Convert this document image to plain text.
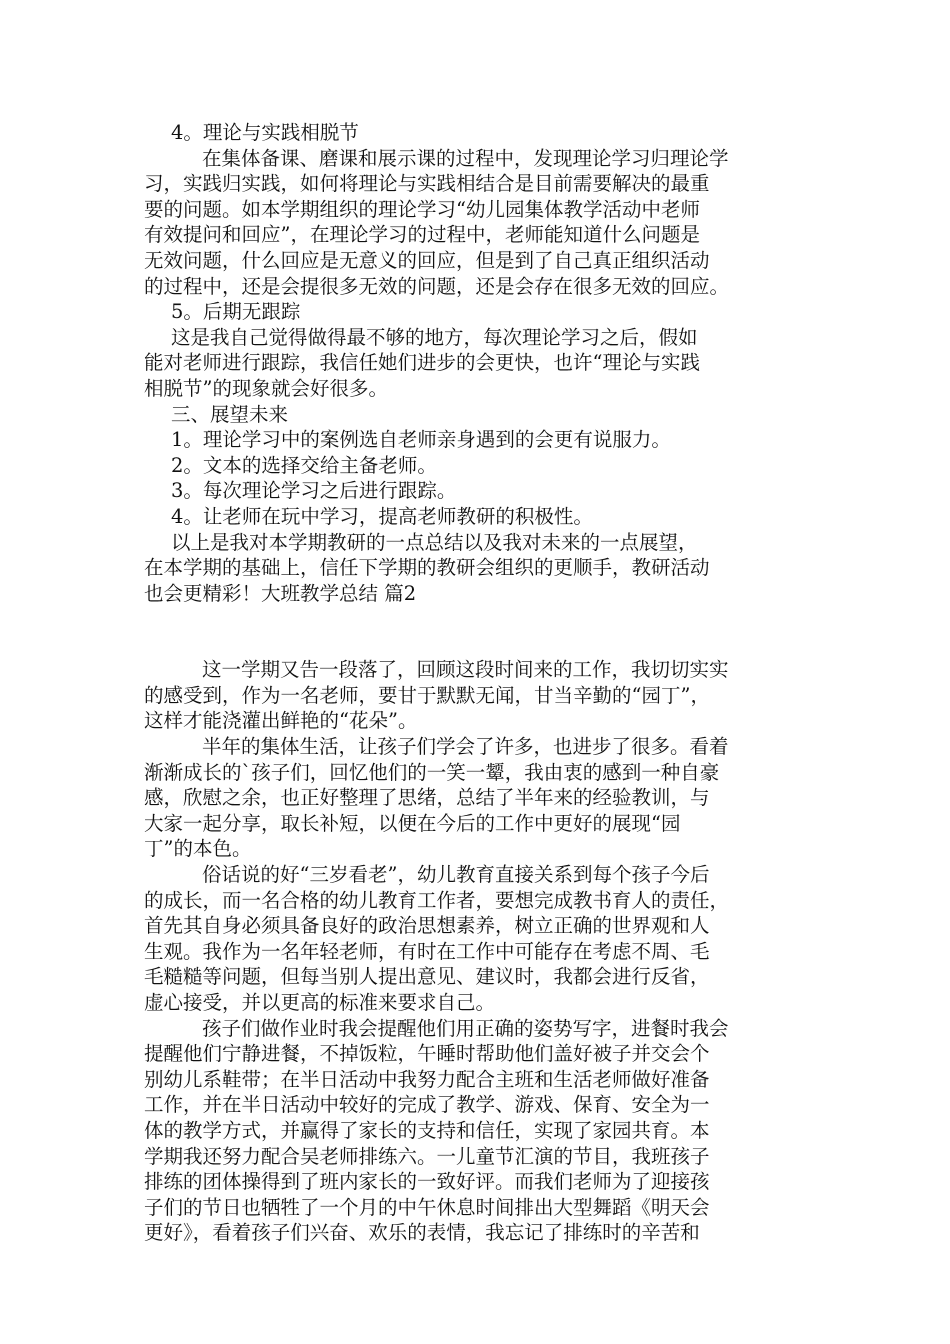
4。理论与实践相脱节
在集体备课、磨课和展示课的过程中，发现理论学习归理论学
习，实践归实践，如何将理论与实践相结合是目前需要解决的最重
要的问题。如本学期组织的理论学习“幼儿园集体教学活动中老师
有效提问和回应”，在理论学习的过程中，老师能知道什么问题是
无效问题，什么回应是无意义的回应，但是到了自己真正组织活动
的过程中，还是会提很多无效的问题，还是会存在很多无效的回应。
5。后期无跟踪
这是我自己觉得做得最不够的地方，每次理论学习之后，假如
能对老师进行跟踪，我信任她们进步的会更快，也许“理论与实践
相脱节”的现象就会好很多。
三、展望未来
1。理论学习中的案例选自老师亲身遇到的会更有说服力。
2。文本的选择交给主备老师。
3。每次理论学习之后进行跟踪。
4。让老师在玩中学习，提高老师教研的积极性。
以上是我对本学期教研的一点总结以及我对未来的一点展望，
在本学期的基础上，信任下学期的教研会组织的更顺手，教研活动
也会更精彩！大班教学总结 篇2
这一学期又告一段落了，回顾这段时间来的工作，我切切实实
的感受到，作为一名老师，要甘于默默无闻，甘当辛勤的“园丁”，
这样才能浇灌出鲜艳的“花朵”。
半年的集体生活，让孩子们学会了许多，也进步了很多。看着
渐渐成长的`孩子们，回忆他们的一笑一颦，我由衷的感到一种自豪
感，欣慰之余，也正好整理了思绪，总结了半年来的经验教训，与
大家一起分享，取长补短，以便在今后的工作中更好的展现“园
丁”的本色。
俗话说的好“三岁看老”，幼儿教育直接关系到每个孩子今后
的成长，而一名合格的幼儿教育工作者，要想完成教书育人的责任，
首先其自身必须具备良好的政治思想素养，树立正确的世界观和人
生观。我作为一名年轻老师，有时在工作中可能存在考虑不周、毛
毛糙糙等问题，但每当别人提出意见、建议时，我都会进行反省，
虚心接受，并以更高的标准来要求自己。
孩子们做作业时我会提醒他们用正确的姿势写字，进餐时我会
提醒他们宁静进餐，不掉饭粒，午睡时帮助他们盖好被子并交会个
别幼儿系鞋带；在半日活动中我努力配合主班和生活老师做好准备
工作，并在半日活动中较好的完成了教学、游戏、保育、安全为一
体的教学方式，并赢得了家长的支持和信任，实现了家园共育。本
学期我还努力配合吴老师排练六。一儿童节汇演的节目，我班孩子
排练的团体操得到了班内家长的一致好评。而我们老师为了迎接孩
子们的节日也牺牲了一个月的中午休息时间排出大型舞蹈《明天会
更好》，看着孩子们兴奋、欢乐的表情，我忘记了排练时的辛苦和
